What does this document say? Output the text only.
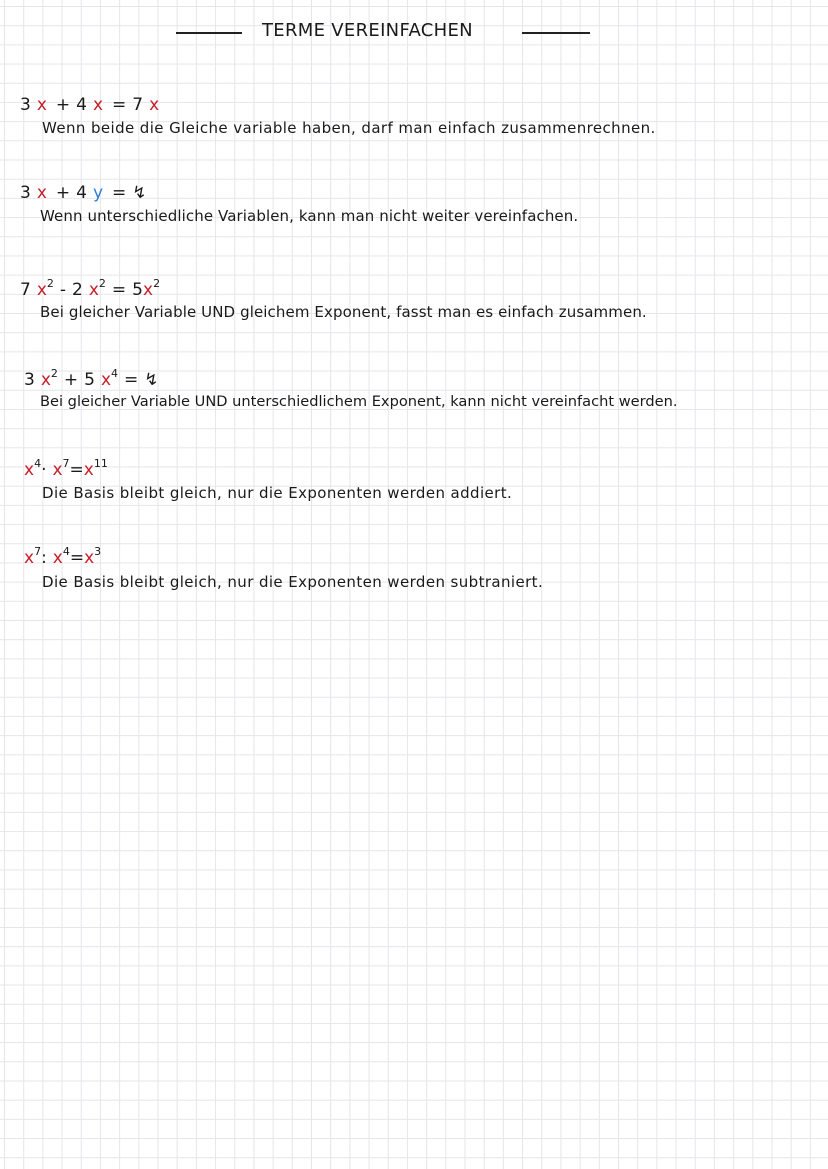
TERME VEREINFACHEN
3 x + 4 x = 7 x
Wenn beide die Gleiche variable haben, darf man einfach zusammenrechnen.
3 x + 4 y = ↯
Wenn unterschiedliche Variablen, kann man nicht weiter vereinfachen.
7 $x^2 - 2$ $x^2 = 5x^2$
Bei gleicher Variable UND gleichem Exponent, fasst man es einfach zusammen.
3 $x^2 + 5$ $x^4$ = ↯
Bei gleicher Variable UND unterschiedlichem Exponent, kann nicht vereinfacht werden.
$x^4\cdot x^7=x^{11}$
Die Basis bleibt gleich, nur die Exponenten werden addiert.
$x^7$: $x^4=x^3$
Die Basis bleibt gleich, nur die Exponenten werden subtraniert.
